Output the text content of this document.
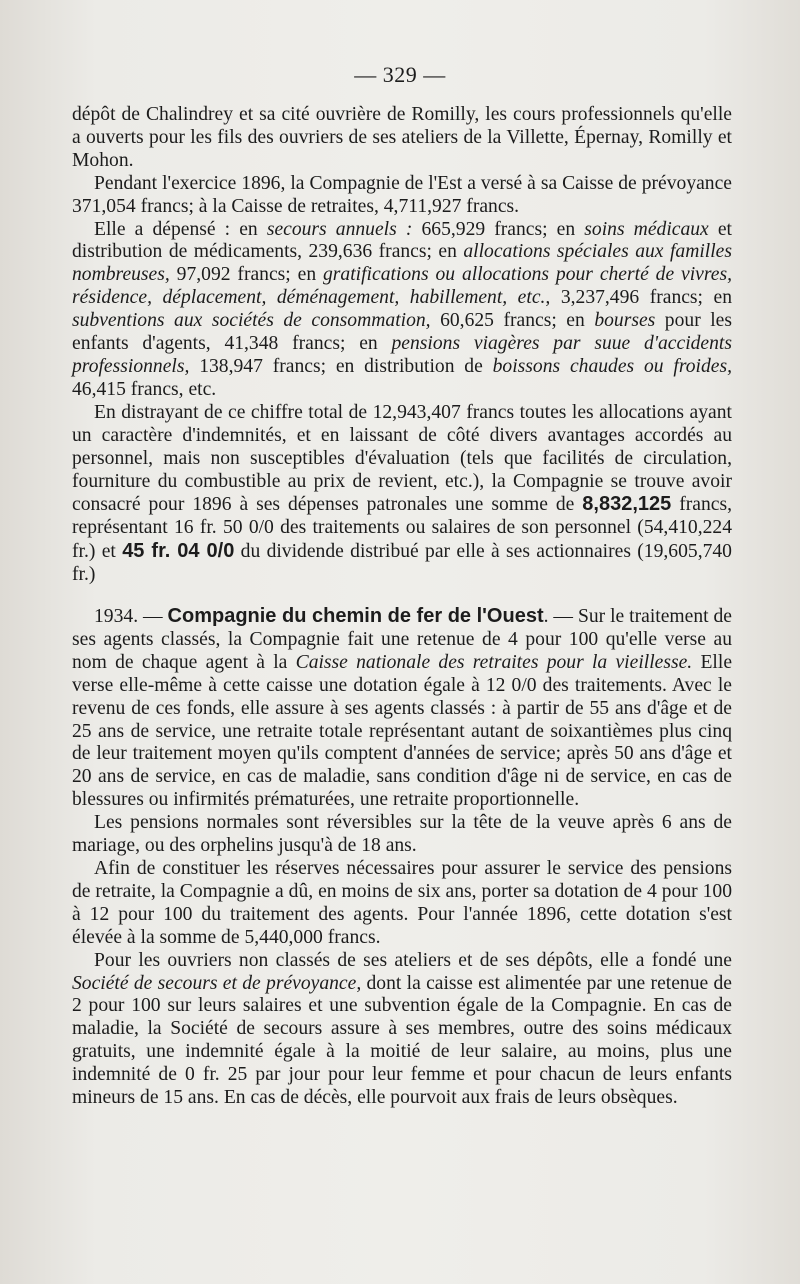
— 329 —

dépôt de Chalindrey et sa cité ouvrière de Romilly, les cours professionnels qu'elle a ouverts pour les fils des ouvriers de ses ateliers de la Villette, Épernay, Romilly et Mohon.

Pendant l'exercice 1896, la Compagnie de l'Est a versé à sa Caisse de prévoyance 371,054 francs; à la Caisse de retraites, 4,711,927 francs.

Elle a dépensé : en secours annuels : 665,929 francs; en soins médicaux et distribution de médicaments, 239,636 francs; en allocations spéciales aux familles nombreuses, 97,092 francs; en gratifications ou allocations pour cherté de vivres, résidence, déplacement, déménagement, habillement, etc., 3,237,496 francs; en subventions aux sociétés de consommation, 60,625 francs; en bourses pour les enfants d'agents, 41,348 francs; en pensions viagères par suue d'accidents professionnels, 138,947 francs; en distribution de boissons chaudes ou froides, 46,415 francs, etc.

En distrayant de ce chiffre total de 12,943,407 francs toutes les allocations ayant un caractère d'indemnités, et en laissant de côté divers avantages accordés au personnel, mais non susceptibles d'évaluation (tels que facilités de circulation, fourniture du combustible au prix de revient, etc.), la Compagnie se trouve avoir consacré pour 1896 à ses dépenses patronales une somme de 8,832,125 francs, représentant 16 fr. 50 0/0 des traitements ou salaires de son personnel (54,410,224 fr.) et 45 fr. 04 0/0 du dividende distribué par elle à ses actionnaires (19,605,740 fr.)

1934. — Compagnie du chemin de fer de l'Ouest. — Sur le traitement de ses agents classés, la Compagnie fait une retenue de 4 pour 100 qu'elle verse au nom de chaque agent à la Caisse nationale des retraites pour la vieillesse. Elle verse elle-même à cette caisse une dotation égale à 12 0/0 des traitements. Avec le revenu de ces fonds, elle assure à ses agents classés : à partir de 55 ans d'âge et de 25 ans de service, une retraite totale représentant autant de soixantièmes plus cinq de leur traitement moyen qu'ils comptent d'années de service; après 50 ans d'âge et 20 ans de service, en cas de maladie, sans condition d'âge ni de service, en cas de blessures ou infirmités prématurées, une retraite proportionnelle.

Les pensions normales sont réversibles sur la tête de la veuve après 6 ans de mariage, ou des orphelins jusqu'à de 18 ans.

Afin de constituer les réserves nécessaires pour assurer le service des pensions de retraite, la Compagnie a dû, en moins de six ans, porter sa dotation de 4 pour 100 à 12 pour 100 du traitement des agents. Pour l'année 1896, cette dotation s'est élevée à la somme de 5,440,000 francs.

Pour les ouvriers non classés de ses ateliers et de ses dépôts, elle a fondé une Société de secours et de prévoyance, dont la caisse est alimentée par une retenue de 2 pour 100 sur leurs salaires et une subvention égale de la Compagnie. En cas de maladie, la Société de secours assure à ses membres, outre des soins médicaux gratuits, une indemnité égale à la moitié de leur salaire, au moins, plus une indemnité de 0 fr. 25 par jour pour leur femme et pour chacun de leurs enfants mineurs de 15 ans. En cas de décès, elle pourvoit aux frais de leurs obsèques.
